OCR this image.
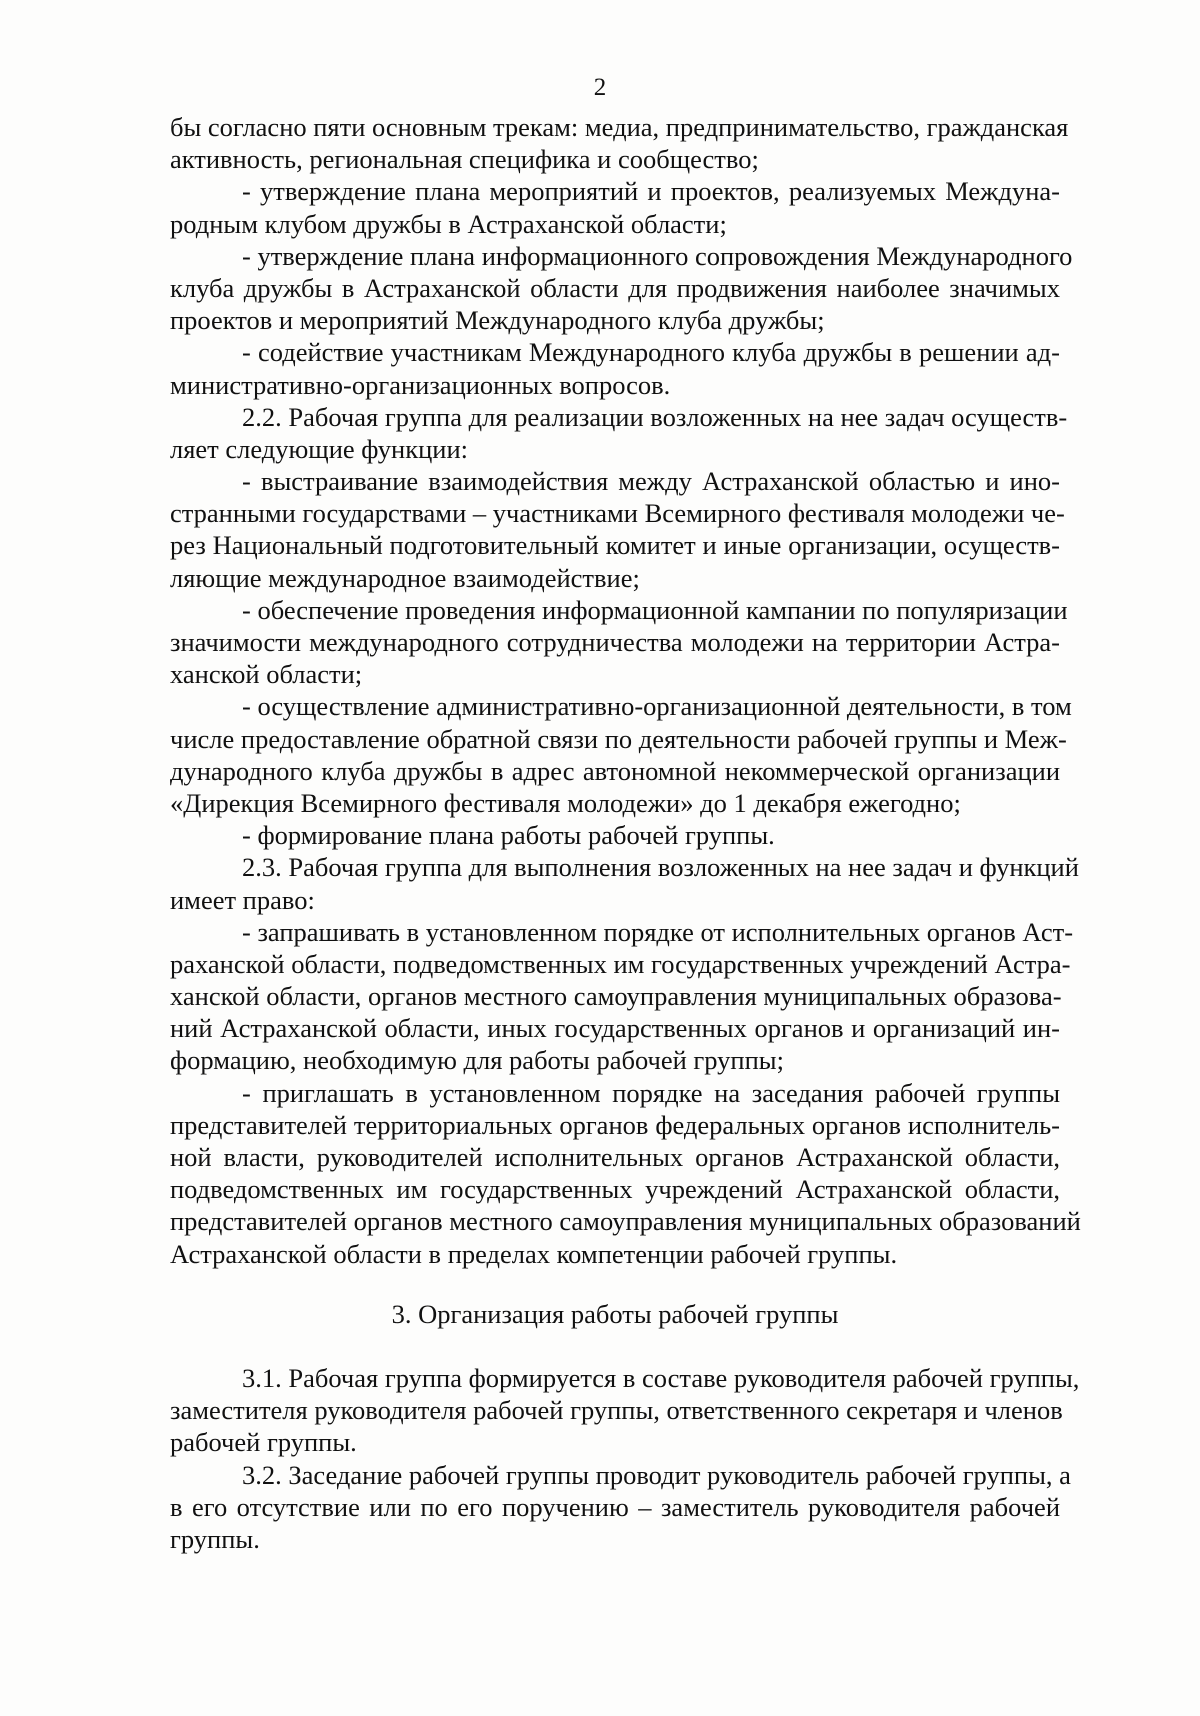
2
бы согласно пяти основным трекам: медиа, предпринимательство, гражданская
активность, региональная специфика и сообщество;
- утверждение плана мероприятий и проектов, реализуемых Междуна-
родным клубом дружбы в Астраханской области;
- утверждение плана информационного сопровождения Международного
клуба дружбы в Астраханской области для продвижения наиболее значимых
проектов и мероприятий Международного клуба дружбы;
- содействие участникам Международного клуба дружбы в решении ад-
министративно-организационных вопросов.
2.2. Рабочая группа для реализации возложенных на нее задач осуществ-
ляет следующие функции:
- выстраивание взаимодействия между Астраханской областью и ино-
странными государствами – участниками Всемирного фестиваля молодежи че-
рез Национальный подготовительный комитет и иные организации, осуществ-
ляющие международное взаимодействие;
- обеспечение проведения информационной кампании по популяризации
значимости международного сотрудничества молодежи на территории Астра-
ханской области;
- осуществление административно-организационной деятельности, в том
числе предоставление обратной связи по деятельности рабочей группы и Меж-
дународного клуба дружбы в адрес автономной некоммерческой организации
«Дирекция Всемирного фестиваля молодежи» до 1 декабря ежегодно;
- формирование плана работы рабочей группы.
2.3. Рабочая группа для выполнения возложенных на нее задач и функций
имеет право:
- запрашивать в установленном порядке от исполнительных органов Аст-
раханской области, подведомственных им государственных учреждений Астра-
ханской области, органов местного самоуправления муниципальных образова-
ний Астраханской области, иных государственных органов и организаций ин-
формацию, необходимую для работы рабочей группы;
- приглашать в установленном порядке на заседания рабочей группы
представителей территориальных органов федеральных органов исполнитель-
ной власти, руководителей исполнительных органов Астраханской области,
подведомственных им государственных учреждений Астраханской области,
представителей органов местного самоуправления муниципальных образований
Астраханской области в пределах компетенции рабочей группы.
3. Организация работы рабочей группы
3.1. Рабочая группа формируется в составе руководителя рабочей группы,
заместителя руководителя рабочей группы, ответственного секретаря и членов
рабочей группы.
3.2. Заседание рабочей группы проводит руководитель рабочей группы, а
в его отсутствие или по его поручению – заместитель руководителя рабочей
группы.
